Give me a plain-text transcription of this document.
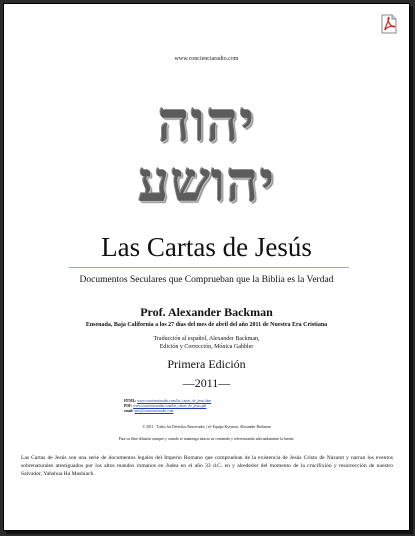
www.concienciaradio.com
יהוה
יהושע
Las Cartas de Jesús
Documentos Seculares que Comprueban que la Biblia es la Verdad
Prof. Alexander Backman
Ensenada, Baja California a los 27 días del mes de abril del año 2011 de Nuestra Era Cristiana
Traducción al español, Alexander Backman,
Edición y Corrección, Mónica Gabbler
Primera Edición
—2011—
HTML: www.concienciaradio.com/las_cartas_de_jesus.htm
PDF: www.concienciaradio.com/las_cartas_de_jesus.pdf
email: info@concienciaradio.com
© 2011 - Todos los Derechos Reservados | לא Equipo Kyrynon, Alexander Backman
Para su libre difusión siempre y cuando se mantenga intacto su contenido y referenciando adecuadamente la fuente.
Las Cartas de Jesús son una serie de documentos legales del Imperio Romano que comprueban de la existencia de Jesús Cristo de Nazaret y narran los eventos sobrenaturales atestiguados por los altos mandos romanos en Judea en el año 33 d.C. en y alrededor del momento de la crucifixión y resurrección de nuestro Salvador, Yahshua Ha Mashiach.
